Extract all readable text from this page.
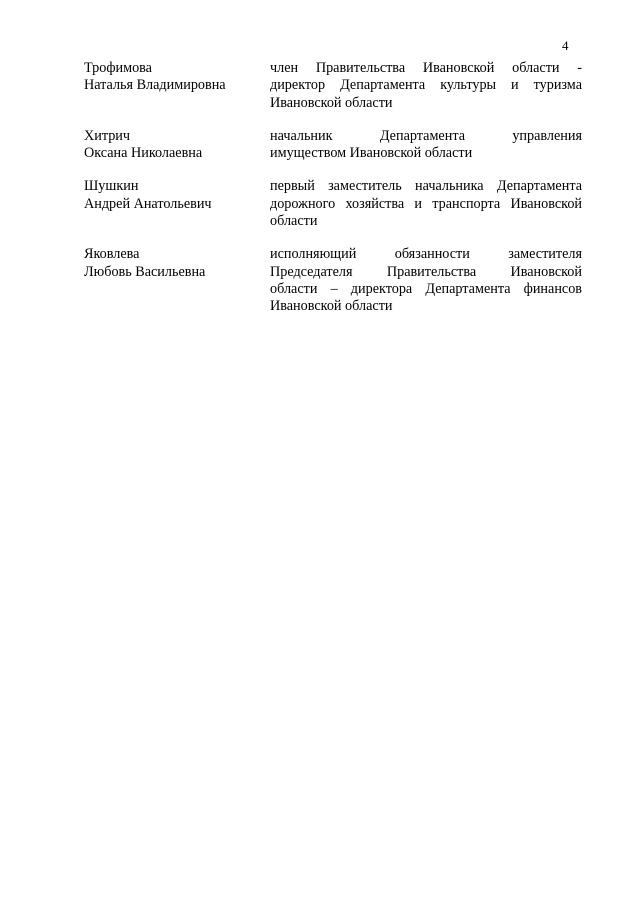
4
Трофимова
Наталья Владимировна
член Правительства Ивановской области -
директор Департамента культуры и туризма
Ивановской области
Хитрич
Оксана Николаевна
начальник Департамента управления
имуществом Ивановской области
Шушкин
Андрей Анатольевич
первый заместитель начальника Департамента
дорожного хозяйства и транспорта Ивановской
области
Яковлева
Любовь Васильевна
исполняющий обязанности заместителя
Председателя Правительства Ивановской
области – директора Департамента финансов
Ивановской области
